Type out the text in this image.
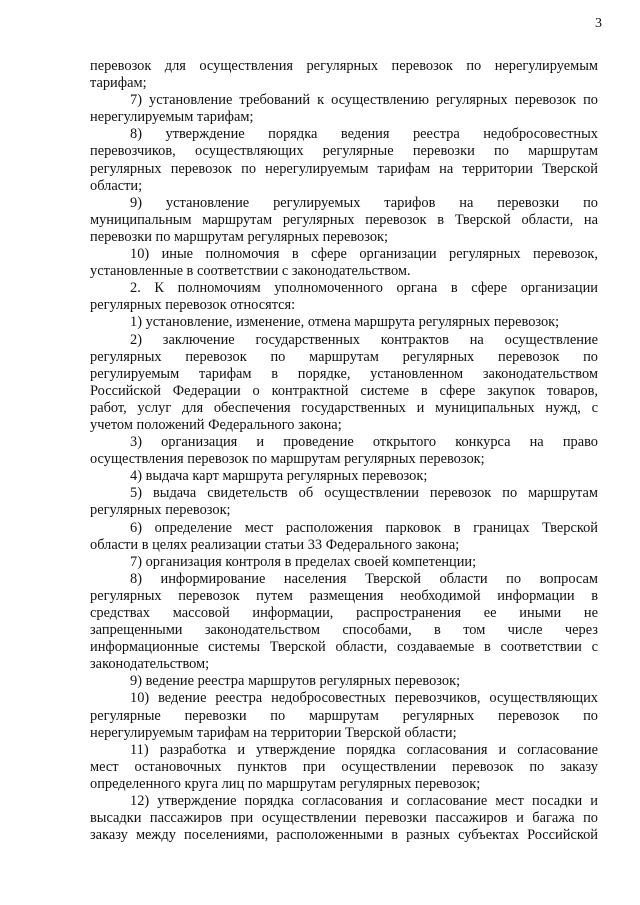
3
перевозок для осуществления регулярных перевозок по нерегулируемым
тарифам;
7) установление требований к осуществлению регулярных перевозок по
нерегулируемым тарифам;
8) утверждение порядка ведения реестра недобросовестных
перевозчиков, осуществляющих регулярные перевозки по маршрутам
регулярных перевозок по нерегулируемым тарифам на территории Тверской
области;
9) установление регулируемых тарифов на перевозки по
муниципальным маршрутам регулярных перевозок в Тверской области, на
перевозки по маршрутам регулярных перевозок;
10) иные полномочия в сфере организации регулярных перевозок,
установленные в соответствии с законодательством.
2. К полномочиям уполномоченного органа в сфере организации
регулярных перевозок относятся:
1) установление, изменение, отмена маршрута регулярных перевозок;
2) заключение государственных контрактов на осуществление
регулярных перевозок по маршрутам регулярных перевозок по
регулируемым тарифам в порядке, установленном законодательством
Российской Федерации о контрактной системе в сфере закупок товаров,
работ, услуг для обеспечения государственных и муниципальных нужд, с
учетом положений Федерального закона;
3) организация и проведение открытого конкурса на право
осуществления перевозок по маршрутам регулярных перевозок;
4) выдача карт маршрута регулярных перевозок;
5) выдача свидетельств об осуществлении перевозок по маршрутам
регулярных перевозок;
6) определение мест расположения парковок в границах Тверской
области в целях реализации статьи 33 Федерального закона;
7) организация контроля в пределах своей компетенции;
8) информирование населения Тверской области по вопросам
регулярных перевозок путем размещения необходимой информации в
средствах массовой информации, распространения ее иными не
запрещенными законодательством способами, в том числе через
информационные системы Тверской области, создаваемые в соответствии с
законодательством;
9) ведение реестра маршрутов регулярных перевозок;
10) ведение реестра недобросовестных перевозчиков, осуществляющих
регулярные перевозки по маршрутам регулярных перевозок по
нерегулируемым тарифам на территории Тверской области;
11) разработка и утверждение порядка согласования и согласование
мест остановочных пунктов при осуществлении перевозок по заказу
определенного круга лиц по маршрутам регулярных перевозок;
12) утверждение порядка согласования и согласование мест посадки и
высадки пассажиров при осуществлении перевозки пассажиров и багажа по
заказу между поселениями, расположенными в разных субъектах Российской
